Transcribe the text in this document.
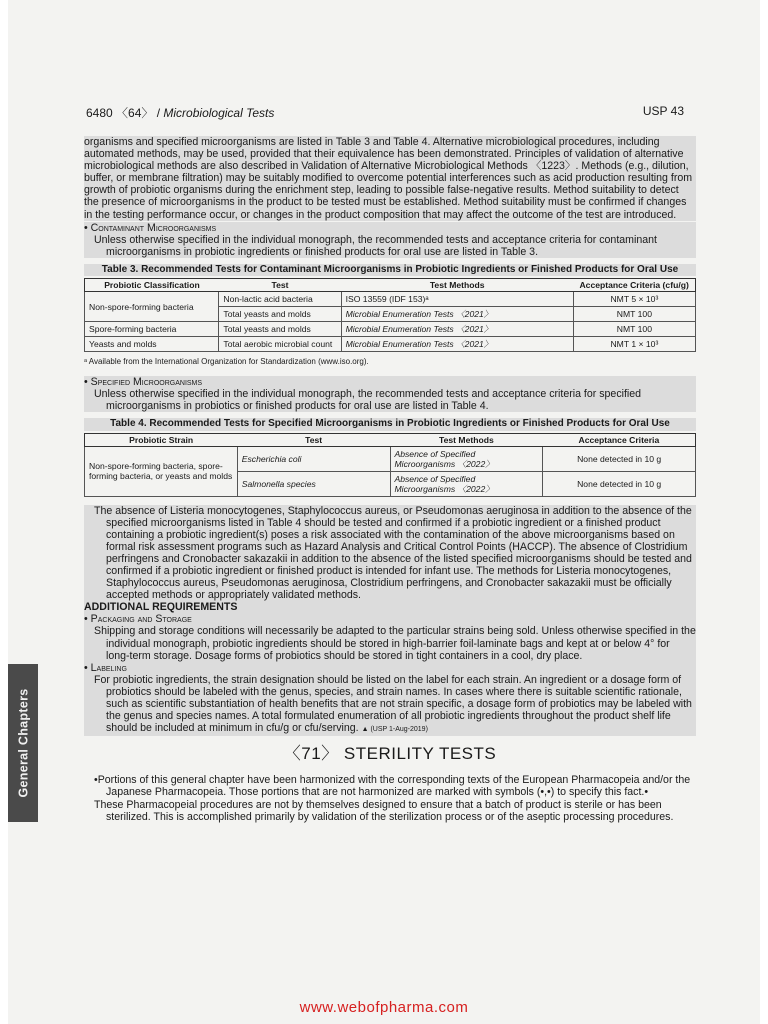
6480 〈64〉 / Microbiological Tests	USP 43

organisms and specified microorganisms are listed in Table 3 and Table 4. Alternative microbiological procedures, including automated methods, may be used, provided that their equivalence has been demonstrated. Principles of validation of alternative microbiological methods are also described in Validation of Alternative Microbiological Methods 〈1223〉. Methods (e.g., dilution, buffer, or membrane filtration) may be suitably modified to overcome potential interferences such as acid production resulting from growth of probiotic organisms during the enrichment step, leading to possible false-negative results. Method suitability to detect the presence of microorganisms in the product to be tested must be established. Method suitability must be confirmed if changes in the testing performance occur, or changes in the product composition that may affect the outcome of the test are introduced.

• Contaminant Microorganisms

Unless otherwise specified in the individual monograph, the recommended tests and acceptance criteria for contaminant microorganisms in probiotic ingredients or finished products for oral use are listed in Table 3.

Table 3. Recommended Tests for Contaminant Microorganisms in Probiotic Ingredients or Finished Products for Oral Use

Probiotic Classification	Test	Test Methods	Acceptance Criteria (cfu/g)
Non-spore-forming bacteria	Non-lactic acid bacteria	ISO 13559 (IDF 153)ᵃ	NMT 5 × 10³
	Total yeasts and molds	Microbial Enumeration Tests 〈2021〉	NMT 100
Spore-forming bacteria	Total yeasts and molds	Microbial Enumeration Tests 〈2021〉	NMT 100
Yeasts and molds	Total aerobic microbial count	Microbial Enumeration Tests 〈2021〉	NMT 1 × 10³

ᵃ Available from the International Organization for Standardization (www.iso.org).

• Specified Microorganisms

Unless otherwise specified in the individual monograph, the recommended tests and acceptance criteria for specified microorganisms in probiotics or finished products for oral use are listed in Table 4.

Table 4. Recommended Tests for Specified Microorganisms in Probiotic Ingredients or Finished Products for Oral Use

Probiotic Strain	Test	Test Methods	Acceptance Criteria
Non-spore-forming bacteria, spore-forming bacteria, or yeasts and molds	Escherichia coli	Absence of Specified Microorganisms 〈2022〉	None detected in 10 g
	Salmonella species	Absence of Specified Microorganisms 〈2022〉	None detected in 10 g

The absence of Listeria monocytogenes, Staphylococcus aureus, or Pseudomonas aeruginosa in addition to the absence of the specified microorganisms listed in Table 4 should be tested and confirmed if a probiotic ingredient or a finished product containing a probiotic ingredient(s) poses a risk associated with the contamination of the above microorganisms based on formal risk assessment programs such as Hazard Analysis and Critical Control Points (HACCP). The absence of Clostridium perfringens and Cronobacter sakazakii in addition to the absence of the listed specified microorganisms should be tested and confirmed if a probiotic ingredient or finished product is intended for infant use. The methods for Listeria monocytogenes, Staphylococcus aureus, Pseudomonas aeruginosa, Clostridium perfringens, and Cronobacter sakazakii must be officially accepted methods or appropriately validated methods.

ADDITIONAL REQUIREMENTS

• Packaging and Storage

Shipping and storage conditions will necessarily be adapted to the particular strains being sold. Unless otherwise specified in the individual monograph, probiotic ingredients should be stored in high-barrier foil-laminate bags and kept at or below 4° for long-term storage. Dosage forms of probiotics should be stored in tight containers in a cool, dry place.

• Labeling

For probiotic ingredients, the strain designation should be listed on the label for each strain. An ingredient or a dosage form of probiotics should be labeled with the genus, species, and strain names. In cases where there is suitable scientific rationale, such as scientific substantiation of health benefits that are not strain specific, a dosage form of probiotics may be labeled with the genus and species names. A total formulated enumeration of all probiotic ingredients throughout the product shelf life should be included at minimum in cfu/g or cfu/serving. ▲ (USP 1-Aug-2019)

〈71〉 STERILITY TESTS

•Portions of this general chapter have been harmonized with the corresponding texts of the European Pharmacopeia and/or the Japanese Pharmacopeia. Those portions that are not harmonized are marked with symbols (•,•) to specify this fact.•

These Pharmacopeial procedures are not by themselves designed to ensure that a batch of product is sterile or has been sterilized. This is accomplished primarily by validation of the sterilization process or of the aseptic processing procedures.

General Chapters
www.webofpharma.com
